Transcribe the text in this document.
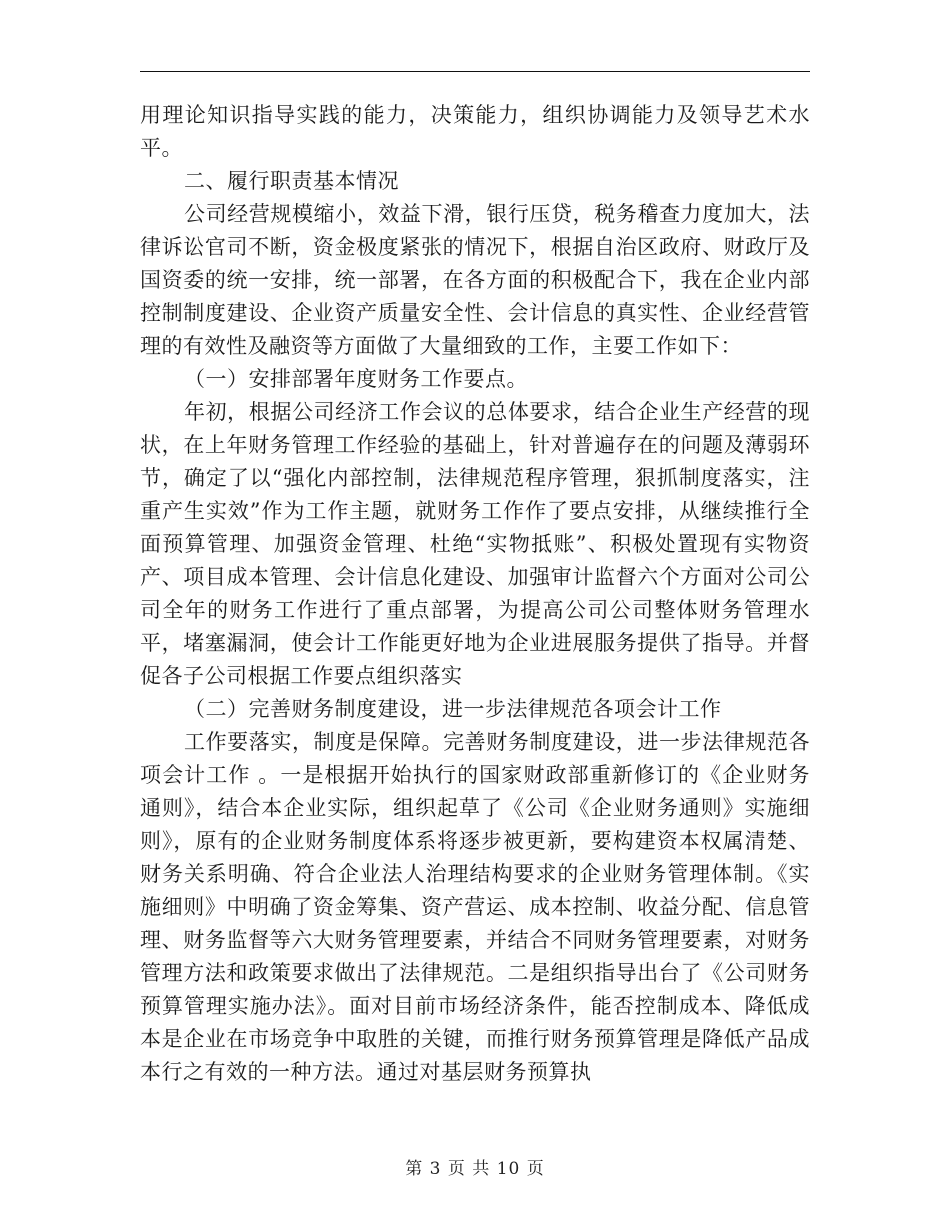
用理论知识指导实践的能力，决策能力，组织协调能力及领导艺术水平。

二、履行职责基本情况

公司经营规模缩小，效益下滑，银行压贷，税务稽查力度加大，法律诉讼官司不断，资金极度紧张的情况下，根据自治区政府、财政厅及国资委的统一安排，统一部署，在各方面的积极配合下，我在企业内部控制制度建设、企业资产质量安全性、会计信息的真实性、企业经营管理的有效性及融资等方面做了大量细致的工作，主要工作如下：

（一）安排部署年度财务工作要点。

年初，根据公司经济工作会议的总体要求，结合企业生产经营的现状，在上年财务管理工作经验的基础上，针对普遍存在的问题及薄弱环节，确定了以“强化内部控制，法律规范程序管理，狠抓制度落实，注重产生实效”作为工作主题，就财务工作作了要点安排，从继续推行全面预算管理、加强资金管理、杜绝“实物抵账”、积极处置现有实物资产、项目成本管理、会计信息化建设、加强审计监督六个方面对公司公司全年的财务工作进行了重点部署，为提高公司公司整体财务管理水平，堵塞漏洞，使会计工作能更好地为企业进展服务提供了指导。并督促各子公司根据工作要点组织落实

（二）完善财务制度建设，进一步法律规范各项会计工作

工作要落实，制度是保障。完善财务制度建设，进一步法律规范各项会计工作 。一是根据开始执行的国家财政部重新修订的《企业财务通则》，结合本企业实际，组织起草了《公司《企业财务通则》实施细则》，原有的企业财务制度体系将逐步被更新，要构建资本权属清楚、财务关系明确、符合企业法人治理结构要求的企业财务管理体制。《实施细则》中明确了资金筹集、资产营运、成本控制、收益分配、信息管理、财务监督等六大财务管理要素，并结合不同财务管理要素，对财务管理方法和政策要求做出了法律规范。二是组织指导出台了《公司财务预算管理实施办法》。面对目前市场经济条件，能否控制成本、降低成本是企业在市场竞争中取胜的关键，而推行财务预算管理是降低产品成本行之有效的一种方法。通过对基层财务预算执

第 3 页 共 10 页
